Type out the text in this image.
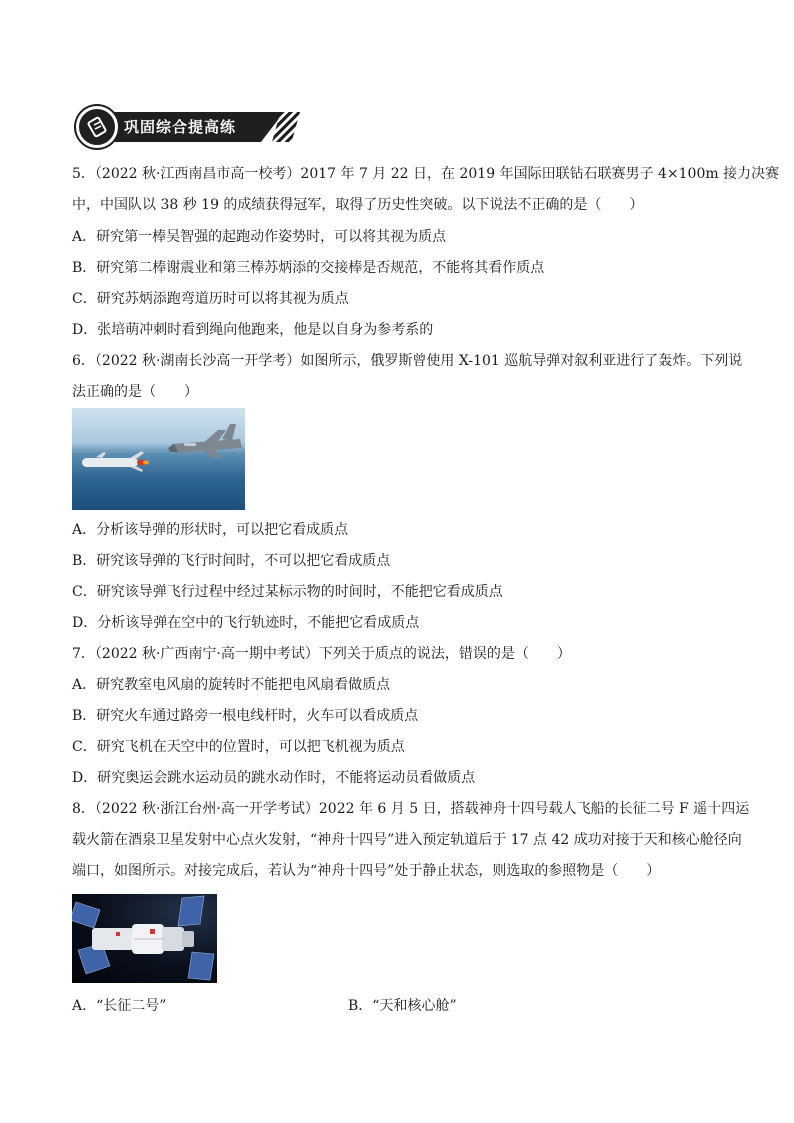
巩固综合提高练
5．（2022 秋·江西南昌市高一校考）2017 年 7 月 22 日，在 2019 年国际田联钻石联赛男子 4×100m 接力决赛
中，中国队以 38 秒 19 的成绩获得冠军，取得了历史性突破。以下说法不正确的是（　　）
A．研究第一棒吴智强的起跑动作姿势时，可以将其视为质点
B．研究第二棒谢震业和第三棒苏炳添的交接棒是否规范，不能将其看作质点
C．研究苏炳添跑弯道历时可以将其视为质点
D．张培萌冲刺时看到绳向他跑来，他是以自身为参考系的
6．（2022 秋·湖南长沙高一开学考）如图所示，俄罗斯曾使用 X-101 巡航导弹对叙利亚进行了轰炸。下列说
法正确的是（　　）
A．分析该导弹的形状时，可以把它看成质点
B．研究该导弹的飞行时间时，不可以把它看成质点
C．研究该导弹飞行过程中经过某标示物的时间时，不能把它看成质点
D．分析该导弹在空中的飞行轨迹时，不能把它看成质点
7．（2022 秋·广西南宁·高一期中考试）下列关于质点的说法，错误的是（　　）
A．研究教室电风扇的旋转时不能把电风扇看做质点
B．研究火车通过路旁一根电线杆时，火车可以看成质点
C．研究飞机在天空中的位置时，可以把飞机视为质点
D．研究奥运会跳水运动员的跳水动作时，不能将运动员看做质点
8．（2022 秋·浙江台州·高一开学考试）2022 年 6 月 5 日，搭载神舟十四号载人飞船的长征二号 F 遥十四运
载火箭在酒泉卫星发射中心点火发射，“神舟十四号”进入预定轨道后于 17 点 42 成功对接于天和核心舱径向
端口，如图所示。对接完成后，若认为“神舟十四号”处于静止状态，则选取的参照物是（　　）
A．“长征二号”	B．“天和核心舱”
